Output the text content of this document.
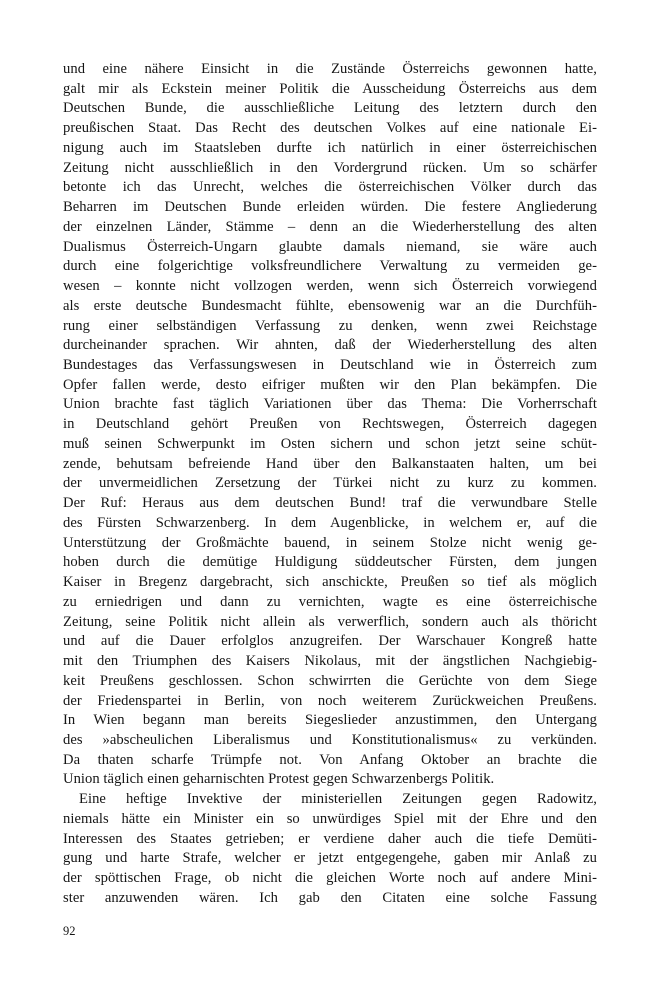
und eine nähere Einsicht in die Zustände Österreichs gewonnen hatte,
galt mir als Eckstein meiner Politik die Ausscheidung Österreichs aus dem
Deutschen Bunde, die ausschließliche Leitung des letztern durch den
preußischen Staat. Das Recht des deutschen Volkes auf eine nationale Ei-
nigung auch im Staatsleben durfte ich natürlich in einer österreichischen
Zeitung nicht ausschließlich in den Vordergrund rücken. Um so schärfer
betonte ich das Unrecht, welches die österreichischen Völker durch das
Beharren im Deutschen Bunde erleiden würden. Die festere Angliederung
der einzelnen Länder, Stämme – denn an die Wiederherstellung des alten
Dualismus Österreich-Ungarn glaubte damals niemand, sie wäre auch
durch eine folgerichtige volksfreundlichere Verwaltung zu vermeiden ge-
wesen – konnte nicht vollzogen werden, wenn sich Österreich vorwiegend
als erste deutsche Bundesmacht fühlte, ebensowenig war an die Durchfüh-
rung einer selbständigen Verfassung zu denken, wenn zwei Reichstage
durcheinander sprachen. Wir ahnten, daß der Wiederherstellung des alten
Bundestages das Verfassungswesen in Deutschland wie in Österreich zum
Opfer fallen werde, desto eifriger mußten wir den Plan bekämpfen. Die
Union brachte fast täglich Variationen über das Thema: Die Vorherrschaft
in Deutschland gehört Preußen von Rechtswegen, Österreich dagegen
muß seinen Schwerpunkt im Osten sichern und schon jetzt seine schüt-
zende, behutsam befreiende Hand über den Balkanstaaten halten, um bei
der unvermeidlichen Zersetzung der Türkei nicht zu kurz zu kommen.
Der Ruf: Heraus aus dem deutschen Bund! traf die verwundbare Stelle
des Fürsten Schwarzenberg. In dem Augenblicke, in welchem er, auf die
Unterstützung der Großmächte bauend, in seinem Stolze nicht wenig ge-
hoben durch die demütige Huldigung süddeutscher Fürsten, dem jungen
Kaiser in Bregenz dargebracht, sich anschickte, Preußen so tief als möglich
zu erniedrigen und dann zu vernichten, wagte es eine österreichische
Zeitung, seine Politik nicht allein als verwerflich, sondern auch als thöricht
und auf die Dauer erfolglos anzugreifen. Der Warschauer Kongreß hatte
mit den Triumphen des Kaisers Nikolaus, mit der ängstlichen Nachgiebig-
keit Preußens geschlossen. Schon schwirrten die Gerüchte von dem Siege
der Friedenspartei in Berlin, von noch weiterem Zurückweichen Preußens.
In Wien begann man bereits Siegeslieder anzustimmen, den Untergang
des »abscheulichen Liberalismus und Konstitutionalismus« zu verkünden.
Da thaten scharfe Trümpfe not. Von Anfang Oktober an brachte die
Union täglich einen geharnischten Protest gegen Schwarzenbergs Politik.
Eine heftige Invektive der ministeriellen Zeitungen gegen Radowitz,
niemals hätte ein Minister ein so unwürdiges Spiel mit der Ehre und den
Interessen des Staates getrieben; er verdiene daher auch die tiefe Demüti-
gung und harte Strafe, welcher er jetzt entgegengehe, gaben mir Anlaß zu
der spöttischen Frage, ob nicht die gleichen Worte noch auf andere Mini-
ster anzuwenden wären. Ich gab den Citaten eine solche Fassung
92
